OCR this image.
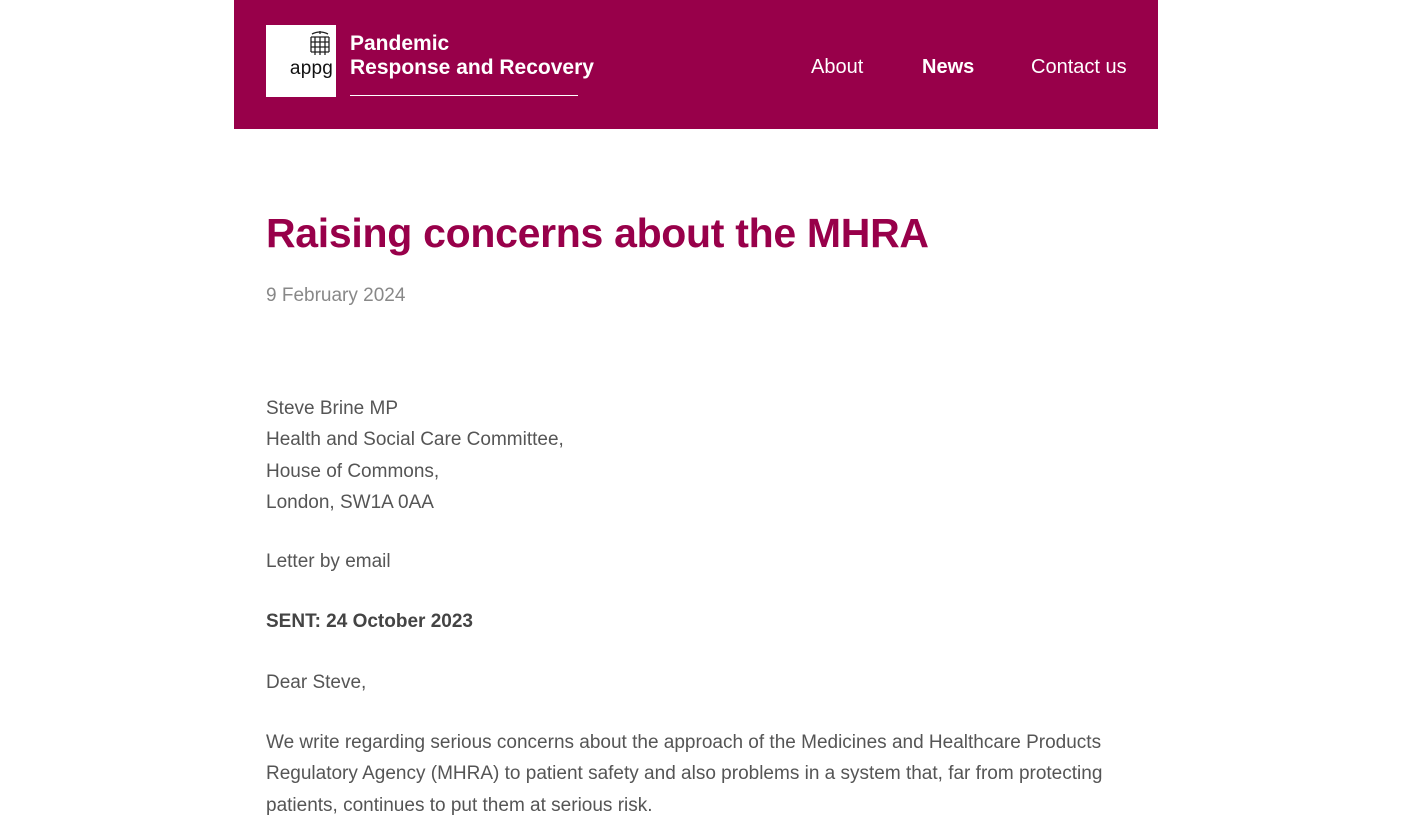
appg
Pandemic
Response and Recovery	About	News	Contact us
Raising concerns about the MHRA
9 February 2024
Steve Brine MP
Health and Social Care Committee,
House of Commons,
London, SW1A 0AA
Letter by email
SENT: 24 October 2023
Dear Steve,
We write regarding serious concerns about the approach of the Medicines and Healthcare Products Regulatory Agency (MHRA) to patient safety and also problems in a system that, far from protecting patients, continues to put them at serious risk.
